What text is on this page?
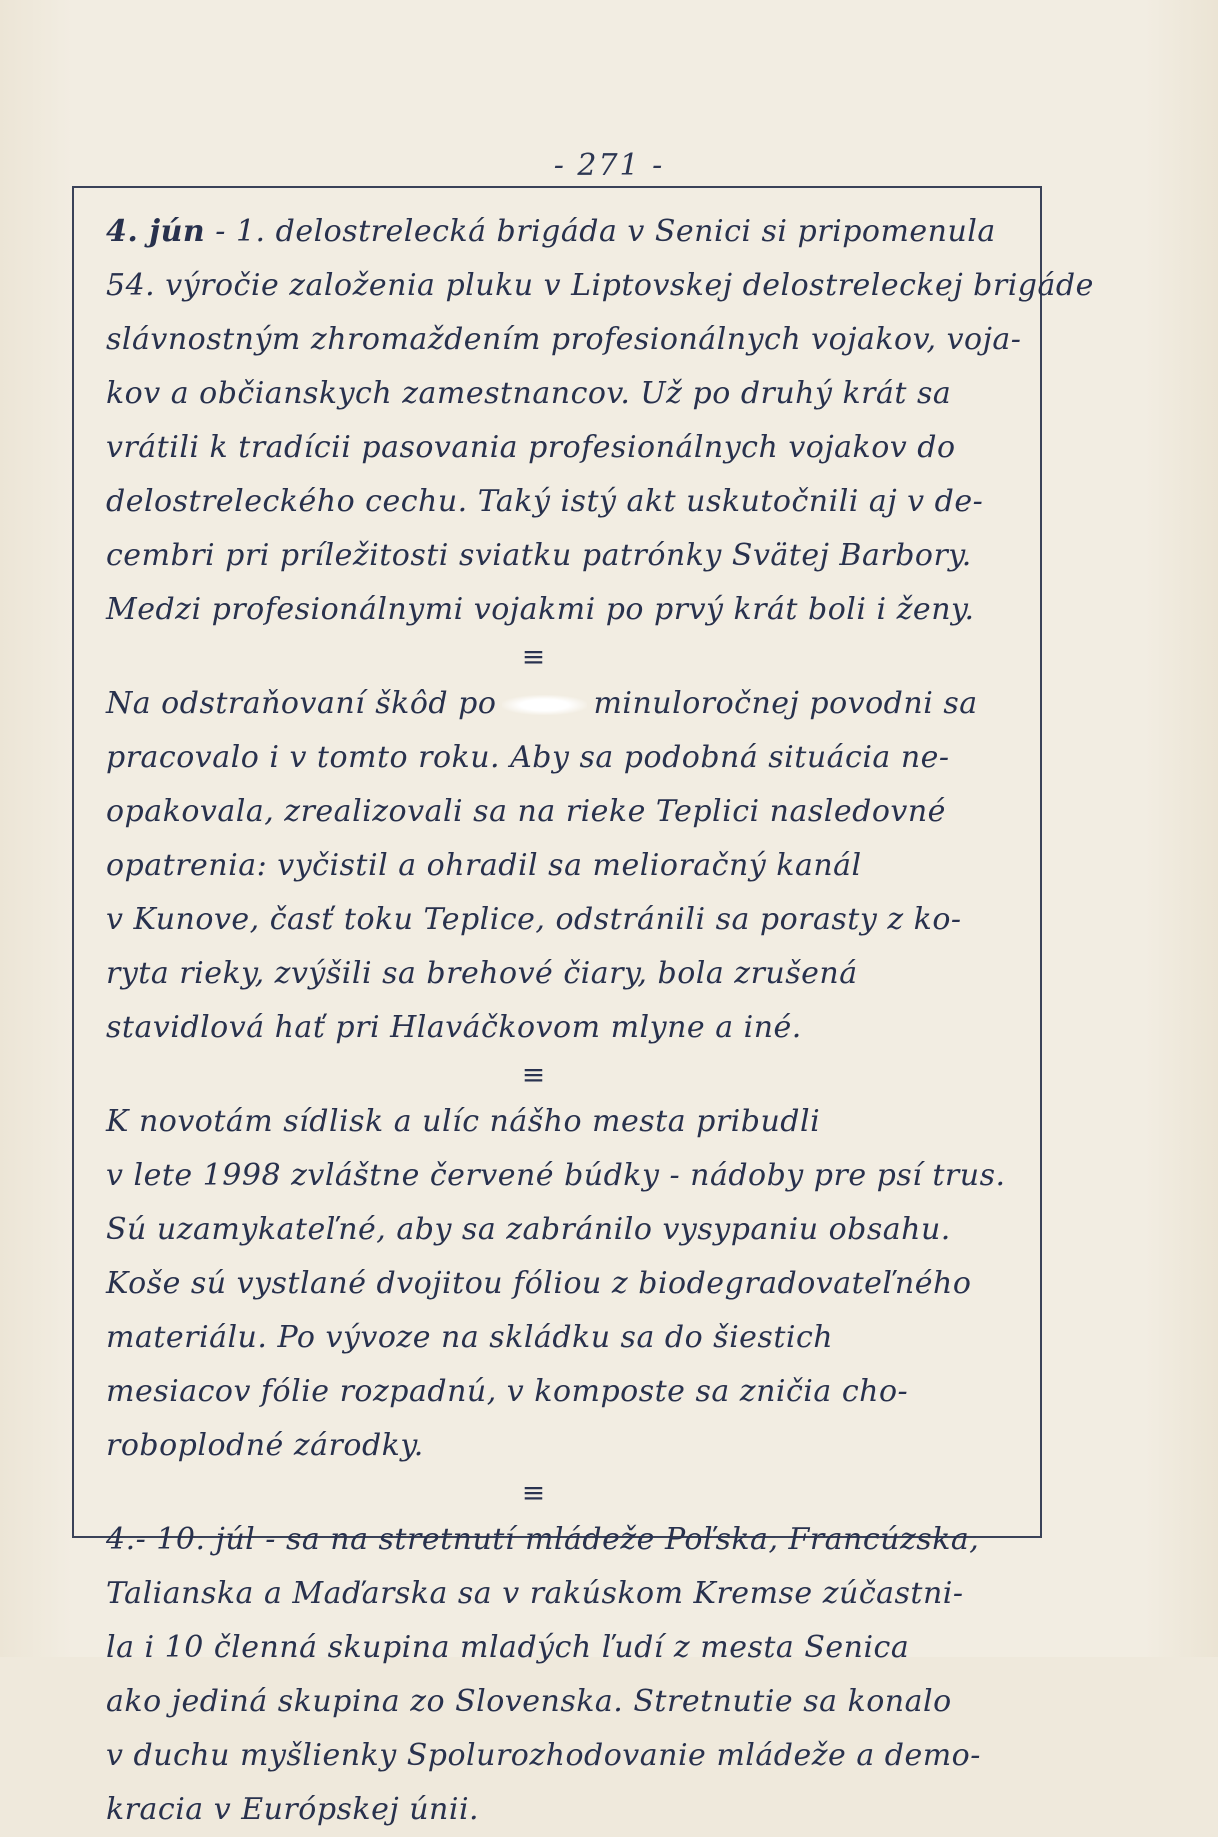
- 271 -
4. jún - 1. delostrelecká brigáda v Senici si pripomenula
54. výročie založenia pluku v Liptovskej delostreleckej brigáde
slávnostným zhromaždením profesionálnych vojakov, voja-
kov a občianskych zamestnancov. Už po druhý krát sa
vrátili k tradícii pasovania profesionálnych vojakov do
delostreleckého cechu. Taký istý akt uskutočnili aj v de-
cembri pri príležitosti sviatku patrónky Svätej Barbory.
Medzi profesionálnymi vojakmi po prvý krát boli i ženy.
≡
Na odstraňovaní škôd po	minuloročnej povodni sa
pracovalo i v tomto roku. Aby sa podobná situácia ne-
opakovala, zrealizovali sa na rieke Teplici nasledovné
opatrenia: vyčistil a ohradil sa melioračný kanál
v Kunove, časť toku Teplice, odstránili sa porasty z ko-
ryta rieky, zvýšili sa brehové čiary, bola zrušená
stavidlová hať pri Hlaváčkovom mlyne a iné.
≡
K novotám sídlisk a ulíc nášho mesta pribudli
v lete 1998 zvláštne červené búdky - nádoby pre psí trus.
Sú uzamykateľné, aby sa zabránilo vysypaniu obsahu.
Koše sú vystlané dvojitou fóliou z biodegradovateľného
materiálu. Po vývoze na skládku sa do šiestich
mesiacov fólie rozpadnú, v komposte sa zničia cho-
roboplodné zárodky.
≡
4.- 10. júl - sa na stretnutí mládeže Poľska, Francúzska,
Talianska a Maďarska sa v rakúskom Kremse zúčastni-
la i 10 členná skupina mladých ľudí z mesta Senica
ako jediná skupina zo Slovenska. Stretnutie sa konalo
v duchu myšlienky Spolurozhodovanie mládeže a demo-
kracia v Európskej únii.
